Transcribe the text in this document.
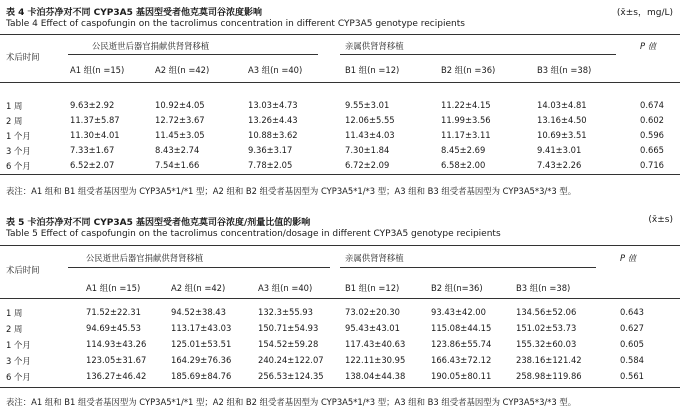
表 4 卡泊芬净对不同 CYP3A5 基因型受者他克莫司谷浓度影响	(x̄±s，mg/L)
Table 4 Effect of caspofungin on the tacrolimus concentration in different CYP3A5 genotype recipients
术后时间
公民逝世后器官捐献供肾肾移植	亲属供肾肾移植	P 值
A1 组(n =15)	A2 组(n =42)	A3 组(n =40)	B1 组(n =12)	B2 组(n =36)	B3 组(n =38)
1 周	9.63±2.92	10.92±4.05	13.03±4.73	9.55±3.01	11.22±4.15	14.03±4.81	0.674
2 周	11.37±5.87	12.72±3.67	13.26±4.43	12.06±5.55	11.99±3.56	13.16±4.50	0.602
1 个月	11.30±4.01	11.45±3.05	10.88±3.62	11.43±4.03	11.17±3.11	10.69±3.51	0.596
3 个月	7.33±1.67	8.43±2.74	9.36±3.17	7.30±1.84	8.45±2.69	9.41±3.01	0.665
6 个月	6.52±2.07	7.54±1.66	7.78±2.05	6.72±2.09	6.58±2.00	7.43±2.26	0.716
表注：A1 组和 B1 组受者基因型为 CYP3A5*1/*1 型；A2 组和 B2 组受者基因型为 CYP3A5*1/*3 型；A3 组和 B3 组受者基因型为 CYP3A5*3/*3 型。
表 5 卡泊芬净对不同 CYP3A5 基因型受者他克莫司谷浓度/剂量比值的影响	(x̄±s)
Table 5 Effect of caspofungin on the tacrolimus concentration/dosage in different CYP3A5 genotype recipients
术后时间
公民逝世后器官捐献供肾肾移植	亲属供肾肾移植	P 值
A1 组(n =15)	A2 组(n =42)	A3 组(n =40)	B1 组(n =12)	B2 组(n=36)	B3 组(n =38)
1 周	71.52±22.31	94.52±38.43	132.3±55.93	73.02±20.30	93.43±42.00	134.56±52.06	0.643
2 周	94.69±45.53	113.17±43.03	150.71±54.93	95.43±43.01	115.08±44.15	151.02±53.73	0.627
1 个月	114.93±43.26	125.01±53.51	154.52±59.28	117.43±40.63	123.86±55.74	155.32±60.03	0.605
3 个月	123.05±31.67	164.29±76.36	240.24±122.07	122.11±30.95	166.43±72.12	238.16±121.42	0.584
6 个月	136.27±46.42	185.69±84.76	256.53±124.35	138.04±44.38	190.05±80.11	258.98±119.86	0.561
表注：A1 组和 B1 组受者基因型为 CYP3A5*1/*1 型；A2 组和 B2 组受者基因型为 CYP3A5*1/*3 型；A3 组和 B3 组受者基因型为 CYP3A5*3/*3 型。
